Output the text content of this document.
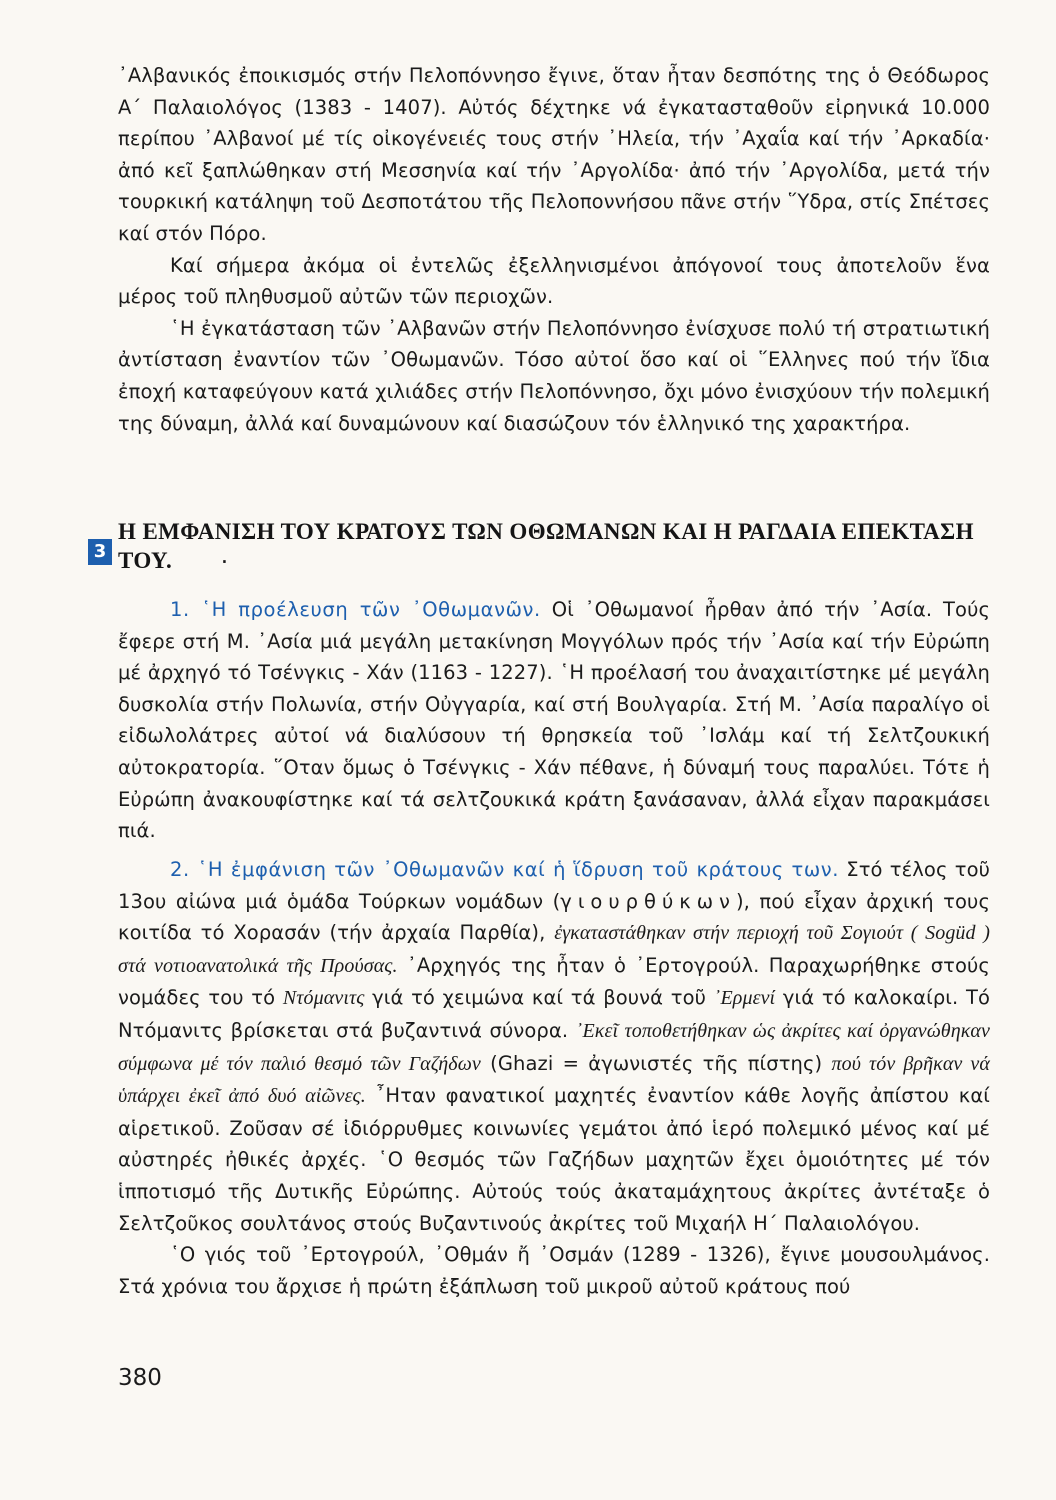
᾿Αλβανικός ἐποικισμός στήν Πελοπόννησο ἔγινε, ὅταν ἦταν δεσπότης της ὁ Θεόδωρος Α΄ Παλαιολόγος (1383 - 1407). Αὐτός δέχτηκε νά ἐγκατασταθοῦν εἰρηνικά 10.000 περίπου ᾿Αλβανοί μέ τίς οἰκογένειές τους στήν ᾿Ηλεία, τήν ᾿Αχαΐα καί τήν ᾿Αρκαδία· ἀπό κεῖ ξαπλώθηκαν στή Μεσσηνία καί τήν ᾿Αργολίδα· ἀπό τήν ᾿Αργολίδα, μετά τήν τουρκική κατάληψη τοῦ Δεσποτάτου τῆς Πελοποννήσου πᾶνε στήν ῞Υδρα, στίς Σπέτσες καί στόν Πόρο.

Καί σήμερα ἀκόμα οἱ ἐντελῶς ἐξελληνισμένοι ἀπόγονοί τους ἀποτελοῦν ἕνα μέρος τοῦ πληθυσμοῦ αὐτῶν τῶν περιοχῶν.

῾Η ἐγκατάσταση τῶν ᾿Αλβανῶν στήν Πελοπόννησο ἐνίσχυσε πολύ τή στρατιωτική ἀντίσταση ἐναντίον τῶν ᾿Οθωμανῶν. Τόσο αὐτοί ὅσο καί οἱ ῞Ελληνες πού τήν ἴδια ἐποχή καταφεύγουν κατά χιλιάδες στήν Πελοπόννησο, ὄχι μόνο ἐνισχύουν τήν πολεμική της δύναμη, ἀλλά καί δυναμώνουν καί διασώζουν τόν ἑλληνικό της χαρακτήρα.

3
Η ΕΜΦΑΝΙΣΗ ΤΟΥ ΚΡΑΤΟΥΣ ΤΩΝ ΟΘΩΜΑΝΩΝ ΚΑΙ Η ΡΑΓΔΑΙΑ ΕΠΕΚΤΑΣΗ ΤΟΥ. ۰

1. ῾Η προέλευση τῶν ᾿Οθωμανῶν. Οἱ ᾿Οθωμανοί ἦρθαν ἀπό τήν ᾿Ασία. Τούς ἔφερε στή Μ. ᾿Ασία μιά μεγάλη μετακίνηση Μογγόλων πρός τήν ᾿Ασία καί τήν Εὐρώπη μέ ἀρχηγό τό Τσένγκις - Χάν (1163 - 1227). ῾Η προέλασή του ἀναχαιτίστηκε μέ μεγάλη δυσκολία στήν Πολωνία, στήν Οὐγγαρία, καί στή Βουλγαρία. Στή Μ. ᾿Ασία παραλίγο οἱ εἰδωλολάτρες αὐτοί νά διαλύσουν τή θρησκεία τοῦ ᾿Ισλάμ καί τή Σελτζουκική αὐτοκρατορία. ῞Οταν ὅμως ὁ Τσένγκις - Χάν πέθανε, ἡ δύναμή τους παραλύει. Τότε ἡ Εὐρώπη ἀνακουφίστηκε καί τά σελτζουκικά κράτη ξανάσαναν, ἀλλά εἶχαν παρακμάσει πιά.

2. ῾Η ἐμφάνιση τῶν ᾿Οθωμανῶν καί ἡ ἵδρυση τοῦ κράτους των. Στό τέλος τοῦ 13ου αἰώνα μιά ὁμάδα Τούρκων νομάδων (γιουρθύκων), πού εἶχαν ἀρχική τους κοιτίδα τό Χορασάν (τήν ἀρχαία Παρθία), ἐγκαταστάθηκαν στήν περιοχή τοῦ Σογιούτ ( Sogüd ) στά νοτιοανατολικά τῆς Προύσας. ᾿Αρχηγός της ἦταν ὁ ᾿Ερτογρούλ. Παραχωρήθηκε στούς νομάδες του τό Ντόμανιτς γιά τό χειμώνα καί τά βουνά τοῦ ᾿Ερμενί γιά τό καλοκαίρι. Τό Ντόμανιτς βρίσκεται στά βυζαντινά σύνορα. ᾿Εκεῖ τοποθετήθηκαν ὡς ἀκρίτες καί ὀργανώθηκαν σύμφωνα μέ τόν παλιό θεσμό τῶν Γαζήδων (Ghazi = ἀγωνιστές τῆς πίστης) πού τόν βρῆκαν νά ὑπάρχει ἐκεῖ ἀπό δυό αἰῶνες. ῏Ηταν φανατικοί μαχητές ἐναντίον κάθε λογῆς ἀπίστου καί αἱρετικοῦ. Ζοῦσαν σέ ἰδιόρρυθμες κοινωνίες γεμάτοι ἀπό ἱερό πολεμικό μένος καί μέ αὐστηρές ἠθικές ἀρχές. ῾Ο θεσμός τῶν Γαζήδων μαχητῶν ἔχει ὁμοιότητες μέ τόν ἱπποτισμό τῆς Δυτικῆς Εὐρώπης. Αὐτούς τούς ἀκαταμάχητους ἀκρίτες ἀντέταξε ὁ Σελτζοῦκος σουλτάνος στούς Βυζαντινούς ἀκρίτες τοῦ Μιχαήλ Η΄ Παλαιολόγου.

῾Ο γιός τοῦ ᾿Ερτογρούλ, ᾿Οθμάν ἤ ᾿Οσμάν (1289 - 1326), ἔγινε μουσουλμάνος. Στά χρόνια του ἄρχισε ἡ πρώτη ἐξάπλωση τοῦ μικροῦ αὐτοῦ κράτους πού

380
